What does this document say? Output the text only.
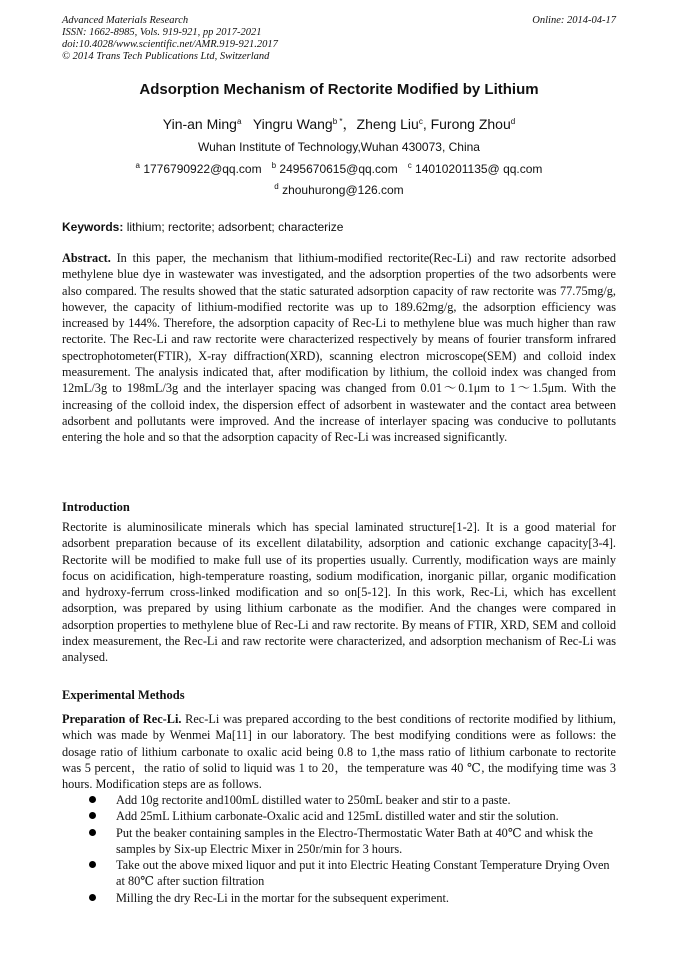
Advanced Materials Research
ISSN: 1662-8985, Vols. 919-921, pp 2017-2021
doi:10.4028/www.scientific.net/AMR.919-921.2017
© 2014 Trans Tech Publications Ltd, Switzerland
Online: 2014-04-17
Adsorption Mechanism of Rectorite Modified by Lithium
Yin-an Ming$^a$ Yingru Wang$^{b *}$，Zheng Liu$^c$, Furong Zhou$^d$
Wuhan Institute of Technology,Wuhan 430073, China
$^a$ 1776790922@qq.com $^b$ 2495670615@qq.com $^c$ 14010201135@ qq.com
$^d$ zhouhurong@126.com
Keywords: lithium; rectorite; adsorbent; characterize

Abstract. In this paper, the mechanism that lithium-modified rectorite(Rec-Li) and raw rectorite adsorbed methylene blue dye in wastewater was investigated, and the adsorption properties of the two adsorbents were also compared. The results showed that the static saturated adsorption capacity of raw rectorite was 77.75mg/g, however, the capacity of lithium-modified rectorite was up to 189.62mg/g, the adsorption efficiency was increased by 144%. Therefore, the adsorption capacity of Rec-Li to methylene blue was much higher than raw rectorite. The Rec-Li and raw rectorite were characterized respectively by means of fourier transform infrared spectrophotometer(FTIR), X-ray diffraction(XRD), scanning electron microscope(SEM) and colloid index measurement. The analysis indicated that, after modification by lithium, the colloid index was changed from 12mL/3g to 198mL/3g and the interlayer spacing was changed from 0.01～0.1μm to 1～1.5μm. With the increasing of the colloid index, the dispersion effect of adsorbent in wastewater and the contact area between adsorbent and pollutants were improved. And the increase of interlayer spacing was conducive to pollutants entering the hole and so that the adsorption capacity of Rec-Li was increased significantly.

Introduction

Rectorite is aluminosilicate minerals which has special laminated structure[1-2]. It is a good material for adsorbent preparation because of its excellent dilatability, adsorption and cationic exchange capacity[3-4]. Rectorite will be modified to make full use of its properties usually. Currently, modification ways are mainly focus on acidification, high-temperature roasting, sodium modification, inorganic pillar, organic modification and hydroxy-ferrum cross-linked modification and so on[5-12]. In this work, Rec-Li, which has excellent adsorption, was prepared by using lithium carbonate as the modifier. And the changes were compared in adsorption properties to methylene blue of Rec-Li and raw rectorite. By means of FTIR, XRD, SEM and colloid index measurement, the Rec-Li and raw rectorite were characterized, and adsorption mechanism of Rec-Li was analysed.

Experimental Methods

Preparation of Rec-Li. Rec-Li was prepared according to the best conditions of rectorite modified by lithium, which was made by Wenmei Ma[11] in our laboratory. The best modifying conditions were as follows: the dosage ratio of lithium carbonate to oxalic acid being 0.8 to 1,the mass ratio of lithium carbonate to rectorite was 5 percent，the ratio of solid to liquid was 1 to 20，the temperature was 40 ℃, the modifying time was 3 hours. Modification steps are as follows.

Add 10g rectorite and100mL distilled water to 250mL beaker and stir to a paste.
Add 25mL Lithium carbonate-Oxalic acid and 125mL distilled water and stir the solution.
Put the beaker containing samples in the Electro-Thermostatic Water Bath at 40℃ and whisk the samples by Six-up Electric Mixer in 250r/min for 3 hours.
Take out the above mixed liquor and put it into Electric Heating Constant Temperature Drying Oven at 80℃ after suction filtration
Milling the dry Rec-Li in the mortar for the subsequent experiment.
